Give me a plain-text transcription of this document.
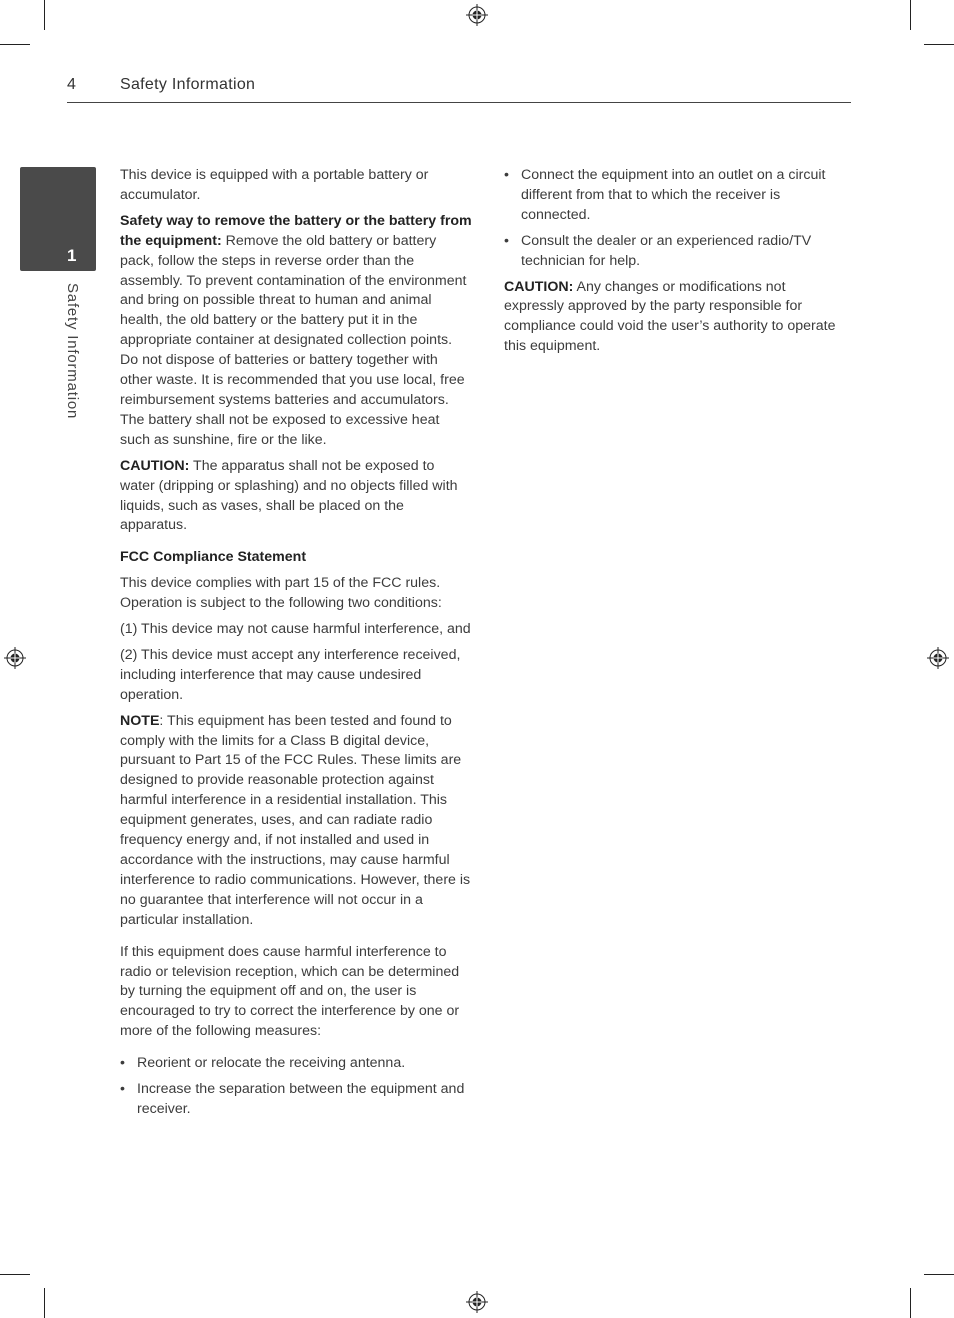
4	Safety Information
1
Safety Information

This device is equipped with a portable battery or accumulator.

Safety way to remove the battery or the battery from the equipment: Remove the old battery or battery pack, follow the steps in reverse order than the assembly. To prevent contamination of the environment and bring on possible threat to human and animal health, the old battery or the battery put it in the appropriate container at designated collection points. Do not dispose of batteries or battery together with other waste. It is recommended that you use local, free reimbursement systems batteries and accumulators. The battery shall not be exposed to excessive heat such as sunshine, fire or the like.

CAUTION: The apparatus shall not be exposed to water (dripping or splashing) and no objects filled with liquids, such as vases, shall be placed on the apparatus.

FCC Compliance Statement

This device complies with part 15 of the FCC rules. Operation is subject to the following two conditions:

(1) This device may not cause harmful interference, and

(2) This device must accept any interference received, including interference that may cause undesired operation.

NOTE: This equipment has been tested and found to comply with the limits for a Class B digital device, pursuant to Part 15 of the FCC Rules. These limits are designed to provide reasonable protection against harmful interference in a residential installation. This equipment generates, uses, and can radiate radio frequency energy and, if not installed and used in accordance with the instructions, may cause harmful interference to radio communications. However, there is no guarantee that interference will not occur in a particular installation.

If this equipment does cause harmful interference to radio or television reception, which can be determined by turning the equipment off and on, the user is encouraged to try to correct the interference by one or more of the following measures:

• Reorient or relocate the receiving antenna.
• Increase the separation between the equipment and receiver.
• Connect the equipment into an outlet on a circuit different from that to which the receiver is connected.
• Consult the dealer or an experienced radio/TV technician for help.

CAUTION: Any changes or modifications not expressly approved by the party responsible for compliance could void the user’s authority to operate this equipment.
